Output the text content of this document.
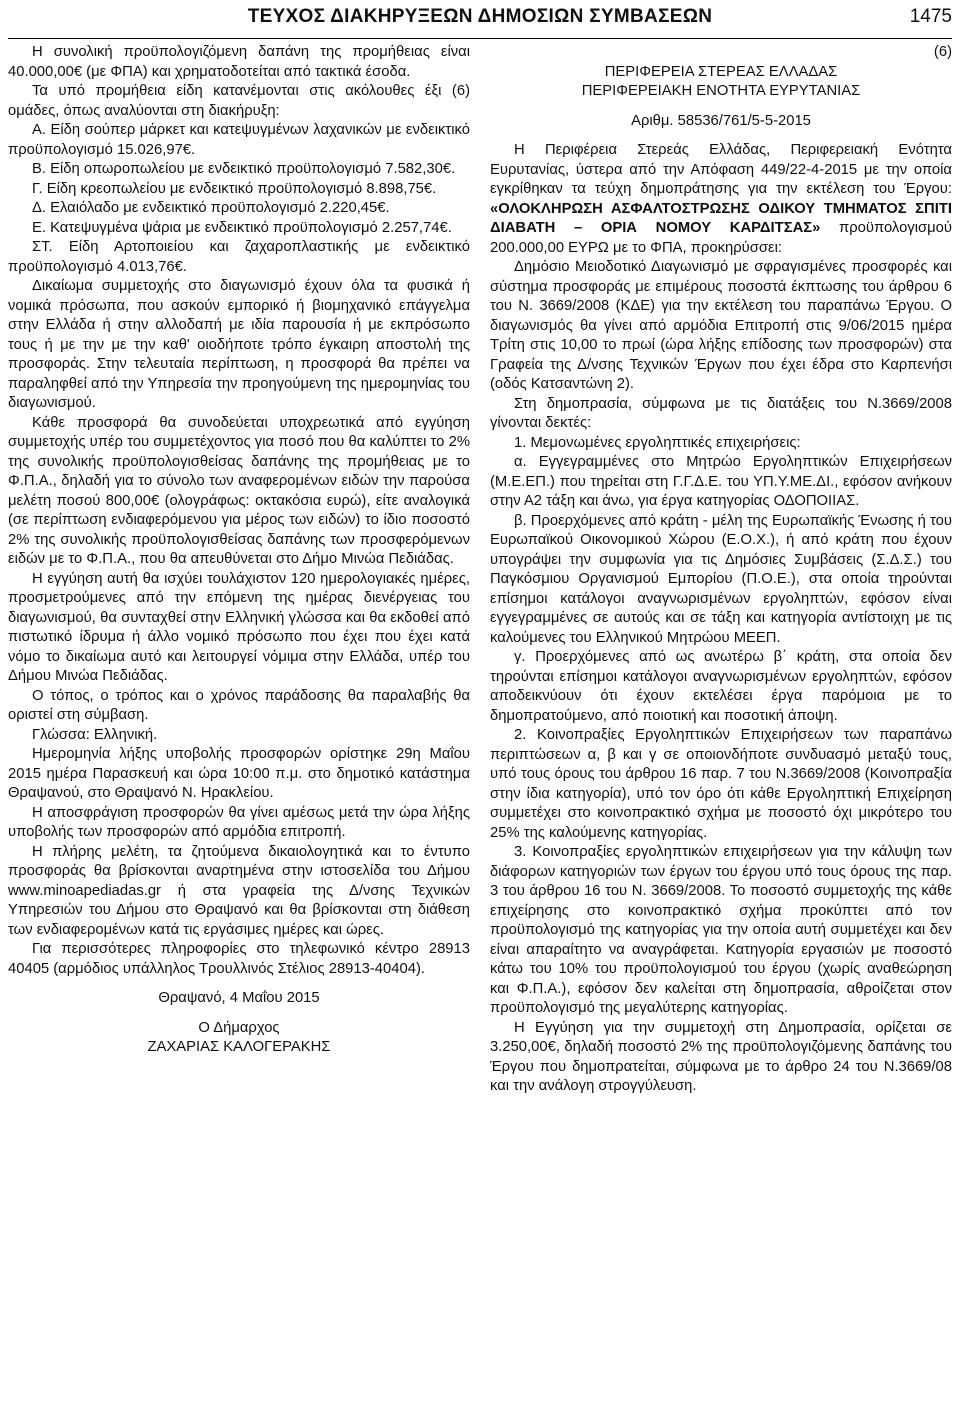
ΤΕΥΧΟΣ ΔΙΑΚΗΡΥΞΕΩΝ ΔΗΜΟΣΙΩΝ ΣΥΜΒΑΣΕΩΝ	1475

Η συνολική προϋπολογιζόμενη δαπάνη της προμήθειας είναι 40.000,00€ (με ΦΠΑ) και χρηματοδοτείται από τακτικά έσοδα.

Τα υπό προμήθεια είδη κατανέμονται στις ακόλουθες έξι (6) ομάδες, όπως αναλύονται στη διακήρυξη:

Α. Είδη σούπερ μάρκετ και κατεψυγμένων λαχανικών με ενδεικτικό προϋπολογισμό 15.026,97€.

Β. Είδη οπωροπωλείου με ενδεικτικό προϋπολογισμό 7.582,30€.

Γ. Είδη κρεοπωλείου με ενδεικτικό προϋπολογισμό 8.898,75€.

Δ. Ελαιόλαδο με ενδεικτικό προϋπολογισμό 2.220,45€.

Ε. Κατεψυγμένα ψάρια με ενδεικτικό προϋπολογισμό 2.257,74€.

ΣΤ. Είδη Αρτοποιείου και ζαχαροπλαστικής με ενδεικτικό προϋπολογισμό 4.013,76€.

Δικαίωμα συμμετοχής στο διαγωνισμό έχουν όλα τα φυσικά ή νομικά πρόσωπα, που ασκούν εμπορικό ή βιομηχανικό επάγγελμα στην Ελλάδα ή στην αλλοδαπή με ιδία παρουσία ή με εκπρόσωπο τους ή με την με την καθ' οιοδήποτε τρόπο έγκαιρη αποστολή της προσφοράς. Στην τελευταία περίπτωση, η προσφορά θα πρέπει να παραληφθεί από την Υπηρεσία την προηγούμενη της ημερομηνίας του διαγωνισμού.

Κάθε προσφορά θα συνοδεύεται υποχρεωτικά από εγγύηση συμμετοχής υπέρ του συμμετέχοντος για ποσό που θα καλύπτει το 2% της συνολικής προϋπολογισθείσας δαπάνης της προμήθειας με το Φ.Π.Α., δηλαδή για το σύνολο των αναφερομένων ειδών την παρούσα μελέτη ποσού 800,00€ (ολογράφως: οκτακόσια ευρώ), είτε αναλογικά (σε περίπτωση ενδιαφερόμενου για μέρος των ειδών) το ίδιο ποσοστό 2% της συνολικής προϋπολογισθείσας δαπάνης των προσφερόμενων ειδών με το Φ.Π.Α., που θα απευθύνεται στο Δήμο Μινώα Πεδιάδας.

Η εγγύηση αυτή θα ισχύει τουλάχιστον 120 ημερολογιακές ημέρες, προσμετρούμενες από την επόμενη της ημέρας διενέργειας του διαγωνισμού, θα συνταχθεί στην Ελληνική γλώσσα και θα εκδοθεί από πιστωτικό ίδρυμα ή άλλο νομικό πρόσωπο που έχει που έχει κατά νόμο το δικαίωμα αυτό και λειτουργεί νόμιμα στην Ελλάδα, υπέρ του Δήμου Μινώα Πεδιάδας.

Ο τόπος, ο τρόπος και ο χρόνος παράδοσης θα παραλαβής θα οριστεί στη σύμβαση.

Γλώσσα: Ελληνική.

Ημερομηνία λήξης υποβολής προσφορών ορίστηκε 29η Μαΐου 2015 ημέρα Παρασκευή και ώρα 10:00 π.μ. στο δημοτικό κατάστημα Θραψανού, στο Θραψανό Ν. Ηρακλείου.

Η αποσφράγιση προσφορών θα γίνει αμέσως μετά την ώρα λήξης υποβολής των προσφορών από αρμόδια επιτροπή.

Η πλήρης μελέτη, τα ζητούμενα δικαιολογητικά και το έντυπο προσφοράς θα βρίσκονται αναρτημένα στην ιστοσελίδα του Δήμου www.minoapediadas.gr ή στα γραφεία της Δ/νσης Τεχνικών Υπηρεσιών του Δήμου στο Θραψανό και θα βρίσκονται στη διάθεση των ενδιαφερομένων κατά τις εργάσιμες ημέρες και ώρες.

Για περισσότερες πληροφορίες στο τηλεφωνικό κέντρο 28913 40405 (αρμόδιος υπάλληλος Τρουλλινός Στέλιος 28913-40404).

Θραψανό, 4 Μαΐου 2015

Ο Δήμαρχος

ΖΑΧΑΡΙΑΣ ΚΑΛΟΓΕΡΑΚΗΣ

(6)

ΠΕΡΙΦΕΡΕΙΑ ΣΤΕΡΕΑΣ ΕΛΛΑΔΑΣ

ΠΕΡΙΦΕΡΕΙΑΚΗ ΕΝΟΤΗΤΑ ΕΥΡΥΤΑΝΙΑΣ

Αριθμ. 58536/761/5-5-2015

Η Περιφέρεια Στερεάς Ελλάδας, Περιφερειακή Ενότητα Ευρυτανίας, ύστερα από την Απόφαση 449/22-4-2015 με την οποία εγκρίθηκαν τα τεύχη δημοπράτησης για την εκτέλεση του Έργου: «ΟΛΟΚΛΗΡΩΣΗ ΑΣΦΑΛΤΟΣΤΡΩΣΗΣ ΟΔΙΚΟΥ ΤΜΗΜΑΤΟΣ ΣΠΙΤΙ ΔΙΑΒΑΤΗ – ΟΡΙΑ ΝΟΜΟΥ ΚΑΡΔΙΤΣΑΣ» προϋπολογισμού 200.000,00 ΕΥΡΩ με το ΦΠΑ, προκηρύσσει:

Δημόσιο Μειοδοτικό Διαγωνισμό με σφραγισμένες προσφορές και σύστημα προσφοράς με επιμέρους ποσοστά έκπτωσης του άρθρου 6 του Ν. 3669/2008 (ΚΔΕ) για την εκτέλεση του παραπάνω Έργου. Ο διαγωνισμός θα γίνει από αρμόδια Επιτροπή στις 9/06/2015 ημέρα Τρίτη στις 10,00 το πρωί (ώρα λήξης επίδοσης των προσφορών) στα Γραφεία της Δ/νσης Τεχνικών Έργων που έχει έδρα στο Καρπενήσι (οδός Κατσαντώνη 2).

Στη δημοπρασία, σύμφωνα με τις διατάξεις του Ν.3669/2008 γίνονται δεκτές:

1. Μεμονωμένες εργοληπτικές επιχειρήσεις:

α. Εγγεγραμμένες στο Μητρώο Εργοληπτικών Επιχειρήσεων (Μ.Ε.ΕΠ.) που τηρείται στη Γ.Γ.Δ.Ε. του ΥΠ.Υ.ΜΕ.ΔΙ., εφόσον ανήκουν στην Α2 τάξη και άνω, για έργα κατηγορίας ΟΔΟΠΟΙΙΑΣ.

β. Προερχόμενες από κράτη - μέλη της Ευρωπαϊκής Ένωσης ή του Ευρωπαϊκού Οικονομικού Χώρου (Ε.Ο.Χ.), ή από κράτη που έχουν υπογράψει την συμφωνία για τις Δημόσιες Συμβάσεις (Σ.Δ.Σ.) του Παγκόσμιου Οργανισμού Εμπορίου (Π.Ο.Ε.), στα οποία τηρούνται επίσημοι κατάλογοι αναγνωρισμένων εργοληπτών, εφόσον είναι εγγεγραμμένες σε αυτούς και σε τάξη και κατηγορία αντίστοιχη με τις καλούμενες του Ελληνικού Μητρώου ΜΕΕΠ.

γ. Προερχόμενες από ως ανωτέρω β΄ κράτη, στα οποία δεν τηρούνται επίσημοι κατάλογοι αναγνωρισμένων εργοληπτών, εφόσον αποδεικνύουν ότι έχουν εκτελέσει έργα παρόμοια με το δημοπρατούμενο, από ποιοτική και ποσοτική άποψη.

2. Κοινοπραξίες Εργοληπτικών Επιχειρήσεων των παραπάνω περιπτώσεων α, β και γ σε οποιονδήποτε συνδυασμό μεταξύ τους, υπό τους όρους του άρθρου 16 παρ. 7 του Ν.3669/2008 (Κοινοπραξία στην ίδια κατηγορία), υπό τον όρο ότι κάθε Εργοληπτική Επιχείρηση συμμετέχει στο κοινοπρακτικό σχήμα με ποσοστό όχι μικρότερο του 25% της καλούμενης κατηγορίας.

3. Κοινοπραξίες εργοληπτικών επιχειρήσεων για την κάλυψη των διάφορων κατηγοριών των έργων του έργου υπό τους όρους της παρ. 3 του άρθρου 16 του Ν. 3669/2008. Το ποσοστό συμμετοχής της κάθε επιχείρησης στο κοινοπρακτικό σχήμα προκύπτει από τον προϋπολογισμό της κατηγορίας για την οποία αυτή συμμετέχει και δεν είναι απαραίτητο να αναγράφεται. Κατηγορία εργασιών με ποσοστό κάτω του 10% του προϋπολογισμού του έργου (χωρίς αναθεώρηση και Φ.Π.Α.), εφόσον δεν καλείται στη δημοπρασία, αθροίζεται στον προϋπολογισμό της μεγαλύτερης κατηγορίας.

Η Εγγύηση για την συμμετοχή στη Δημοπρασία, ορίζεται σε 3.250,00€, δηλαδή ποσοστό 2% της προϋπολογιζόμενης δαπάνης του Έργου που δημοπρατείται, σύμφωνα με το άρθρο 24 του Ν.3669/08 και την ανάλογη στρογγύλευση.
